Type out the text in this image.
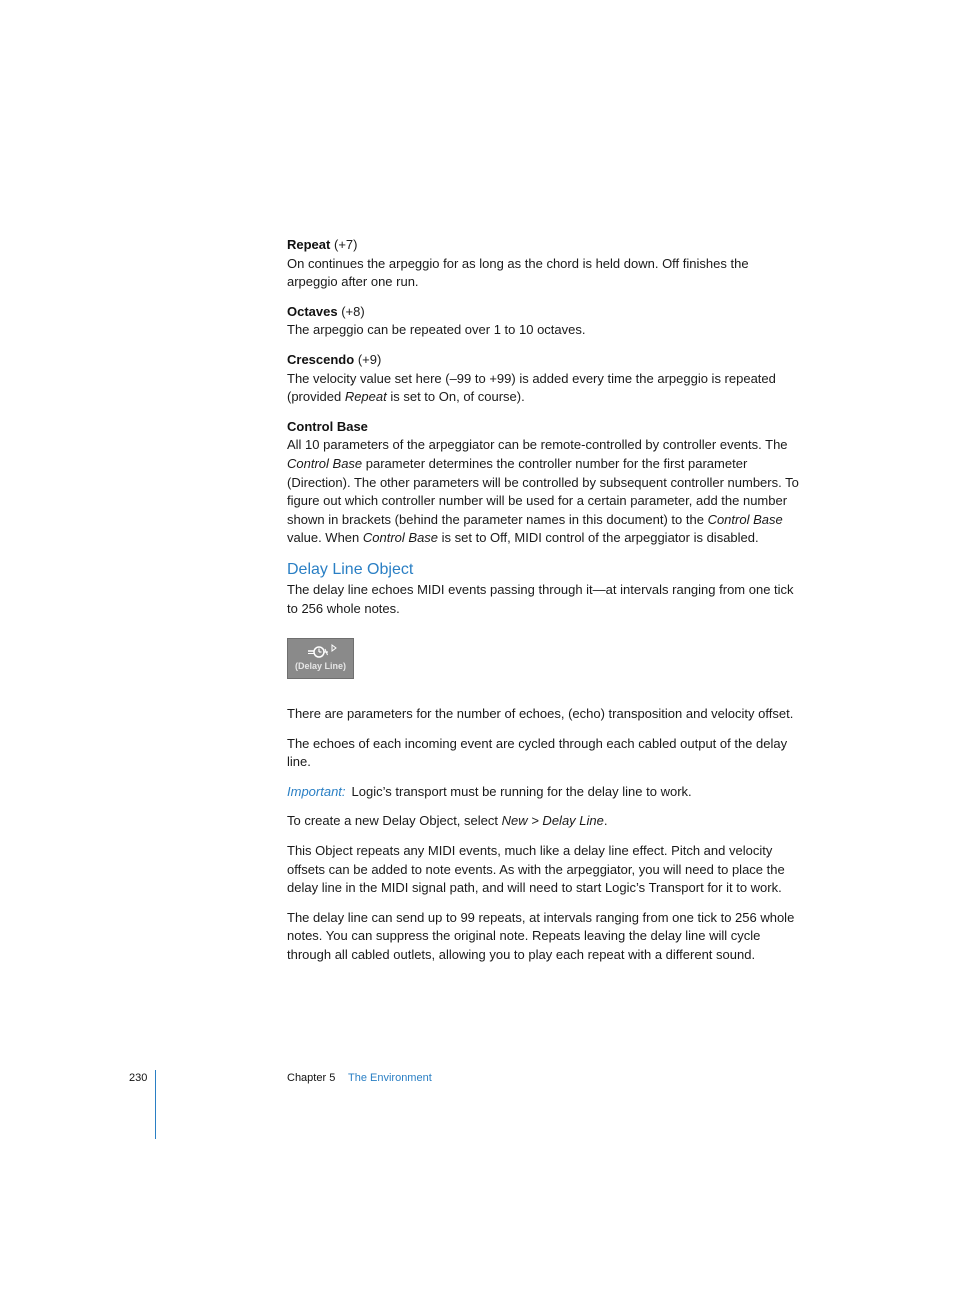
Repeat (+7)
On continues the arpeggio for as long as the chord is held down. Off finishes the arpeggio after one run.
Octaves (+8)
The arpeggio can be repeated over 1 to 10 octaves.
Crescendo (+9)
The velocity value set here (–99 to +99) is added every time the arpeggio is repeated (provided Repeat is set to On, of course).
Control Base
All 10 parameters of the arpeggiator can be remote-controlled by controller events. The Control Base parameter determines the controller number for the first parameter (Direction). The other parameters will be controlled by subsequent controller numbers. To figure out which controller number will be used for a certain parameter, add the number shown in brackets (behind the parameter names in this document) to the Control Base value. When Control Base is set to Off, MIDI control of the arpeggiator is disabled.
Delay Line Object

The delay line echoes MIDI events passing through it—at intervals ranging from one tick to 256 whole notes.

(Delay Line)

There are parameters for the number of echoes, (echo) transposition and velocity offset.

The echoes of each incoming event are cycled through each cabled output of the delay line.

Important: Logic’s transport must be running for the delay line to work.

To create a new Delay Object, select New > Delay Line.

This Object repeats any MIDI events, much like a delay line effect. Pitch and velocity offsets can be added to note events. As with the arpeggiator, you will need to place the delay line in the MIDI signal path, and will need to start Logic’s Transport for it to work.

The delay line can send up to 99 repeats, at intervals ranging from one tick to 256 whole notes. You can suppress the original note. Repeats leaving the delay line will cycle through all cabled outlets, allowing you to play each repeat with a different sound.

230	Chapter 5 The Environment
